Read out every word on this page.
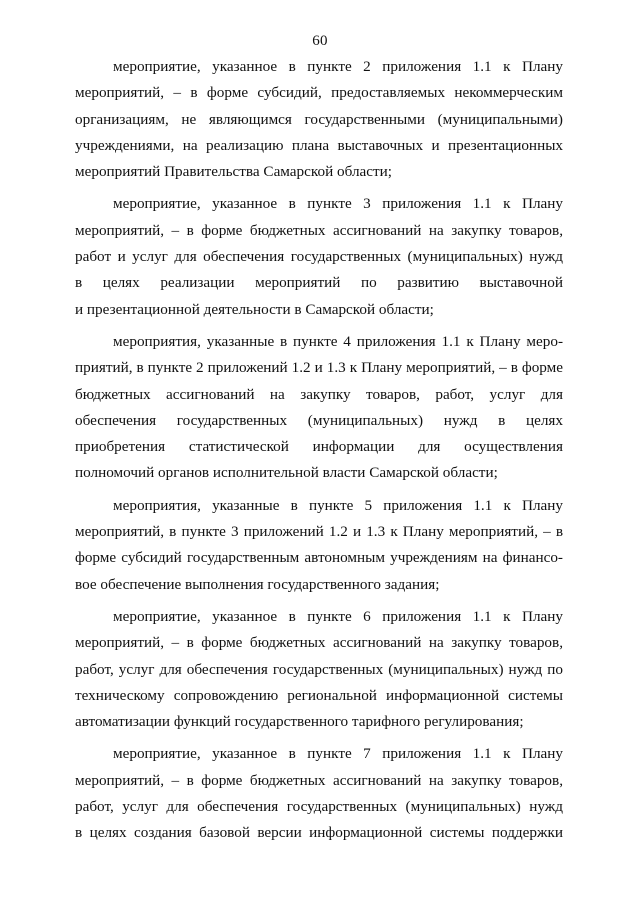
60
мероприятие, указанное в пункте 2 приложения 1.1 к Плану
мероприятий, – в форме субсидий, предоставляемых некоммерческим
организациям, не являющимся государственными (муниципальными)
учреждениями, на реализацию плана выставочных и презентационных
мероприятий Правительства Самарской области;
мероприятие, указанное в пункте 3 приложения 1.1 к Плану
мероприятий, – в форме бюджетных ассигнований на закупку товаров,
работ и услуг для обеспечения государственных (муниципальных) нужд
в целях реализации мероприятий по развитию выставочной
и презентационной деятельности в Самарской области;
мероприятия, указанные в пункте 4 приложения 1.1 к Плану меро-
приятий, в пункте 2 приложений 1.2 и 1.3 к Плану мероприятий, – в форме
бюджетных ассигнований на закупку товаров, работ, услуг для
обеспечения государственных (муниципальных) нужд в целях
приобретения статистической информации для осуществления
полномочий органов исполнительной власти Самарской области;
мероприятия, указанные в пункте 5 приложения 1.1 к Плану
мероприятий, в пункте 3 приложений 1.2 и 1.3 к Плану мероприятий, – в
форме субсидий государственным автономным учреждениям на финансо-
вое обеспечение выполнения государственного задания;
мероприятие, указанное в пункте 6 приложения 1.1 к Плану
мероприятий, – в форме бюджетных ассигнований на закупку товаров,
работ, услуг для обеспечения государственных (муниципальных) нужд по
техническому сопровождению региональной информационной системы
автоматизации функций государственного тарифного регулирования;
мероприятие, указанное в пункте 7 приложения 1.1 к Плану
мероприятий, – в форме бюджетных ассигнований на закупку товаров,
работ, услуг для обеспечения государственных (муниципальных) нужд
в целях создания базовой версии информационной системы поддержки
